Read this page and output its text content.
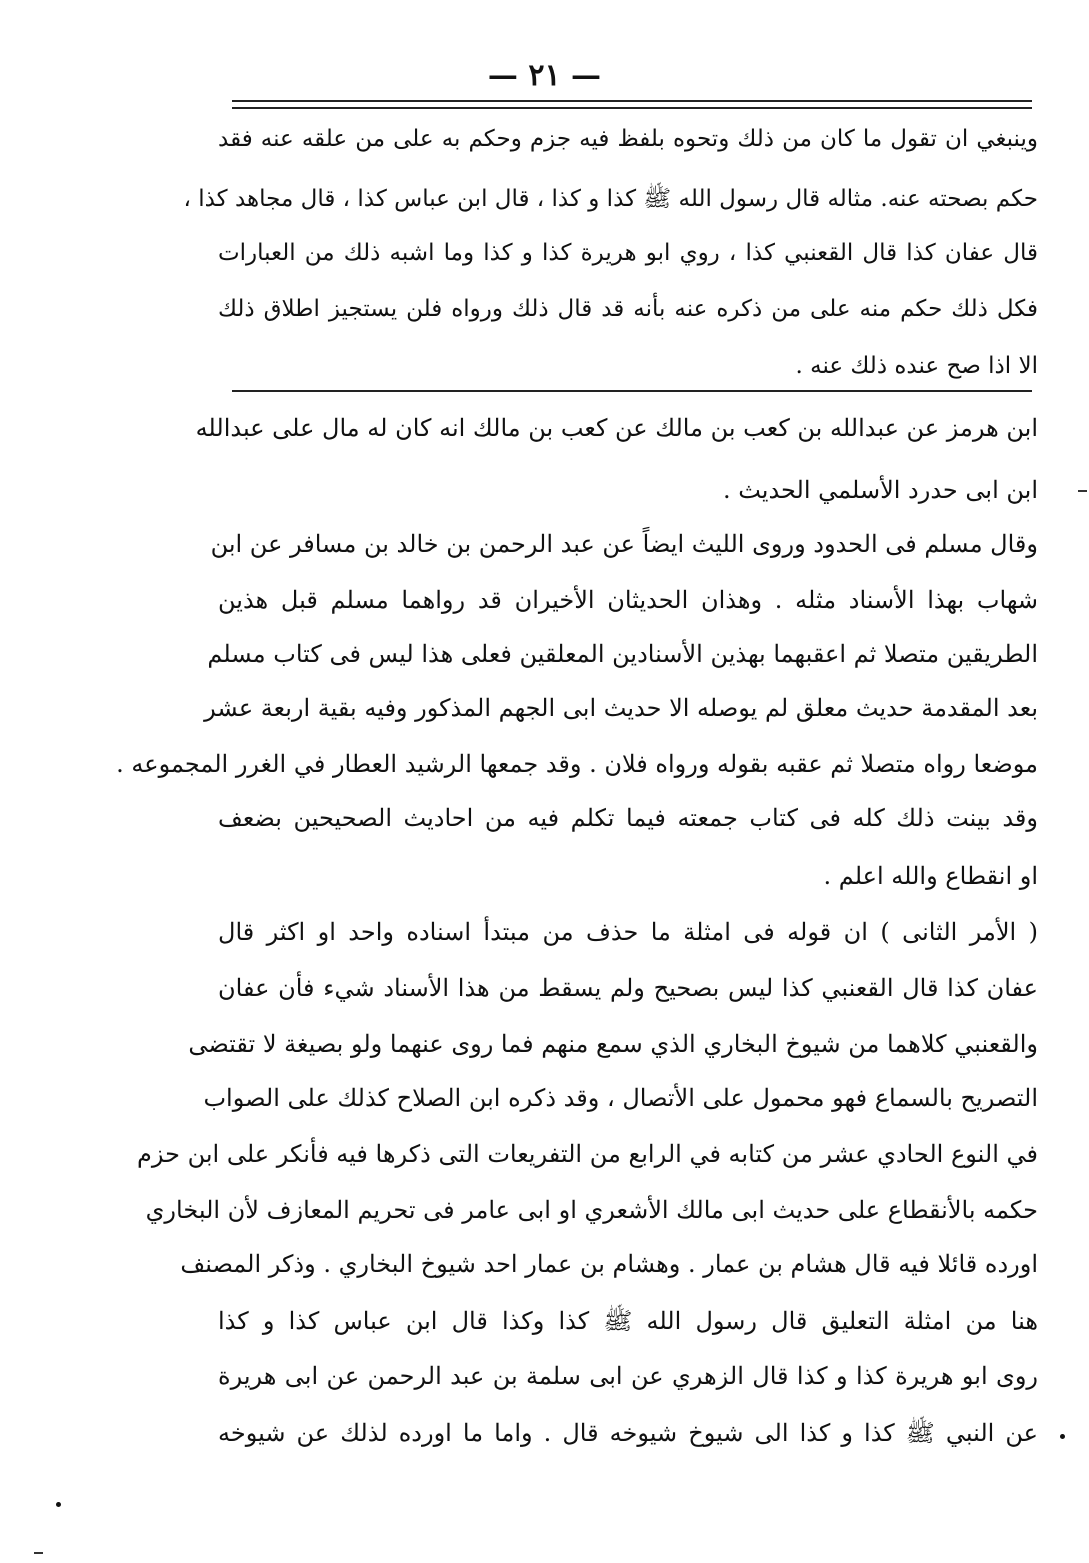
— ٢١ —
وينبغي ان تقول ما كان من ذلك وتحوه بلفظ فيه جزم وحكم به على من علقه عنه فقد
حكم بصحته عنه. مثاله قال رسول الله ﷺ كذا و كذا ، قال ابن عباس كذا ، قال مجاهد كذا ،
قال عفان كذا قال القعنبي كذا ، روي ابو هريرة كذا و كذا وما اشبه ذلك من العبارات
فكل ذلك حكم منه على من ذكره عنه بأنه قد قال ذلك ورواه فلن يستجيز اطلاق ذلك
الا اذا صح عنده ذلك عنه .
ابن هرمز عن عبدالله بن كعب بن مالك عن كعب بن مالك انه كان له مال على عبدالله
ابن ابى حدرد الأسلمي الحديث .
وقال مسلم فى الحدود وروى الليث ايضاً عن عبد الرحمن بن خالد بن مسافر عن ابن
شهاب بهذا الأسناد مثله . وهذان الحديثان الأخيران قد رواهما مسلم قبل هذين
الطريقين متصلا ثم اعقبهما بهذين الأسنادين المعلقين فعلى هذا ليس فى كتاب مسلم
بعد المقدمة حديث معلق لم يوصله الا حديث ابى الجهم المذكور وفيه بقية اربعة عشر
موضعا رواه متصلا ثم عقبه بقوله ورواه فلان . وقد جمعها الرشيد العطار في الغرر المجموعه .
وقد بينت ذلك كله فى كتاب جمعته فيما تكلم فيه من احاديث الصحيحين بضعف
او انقطاع والله اعلم .
( الأمر الثانى ) ان قوله فى امثلة ما حذف من مبتدأ اسناده واحد او اكثر قال
عفان كذا قال القعنبي كذا ليس بصحيح ولم يسقط من هذا الأسناد شيء فأن عفان
والقعنبي كلاهما من شيوخ البخاري الذي سمع منهم فما روى عنهما ولو بصيغة لا تقتضى
التصريح بالسماع فهو محمول على الأتصال ، وقد ذكره ابن الصلاح كذلك على الصواب
في النوع الحادي عشر من كتابه في الرابع من التفريعات التى ذكرها فيه فأنكر على ابن حزم
حكمه بالأنقطاع على حديث ابى مالك الأشعري او ابى عامر فى تحريم المعازف لأن البخاري
اورده قائلا فيه قال هشام بن عمار . وهشام بن عمار احد شيوخ البخاري . وذكر المصنف
هنا من امثلة التعليق قال رسول الله ﷺ كذا وكذا قال ابن عباس كذا و كذا
روى ابو هريرة كذا و كذا قال الزهري عن ابى سلمة بن عبد الرحمن عن ابى هريرة
عن النبي ﷺ كذا و كذا الى شيوخ شيوخه قال . واما ما اورده لذلك عن شيوخه
